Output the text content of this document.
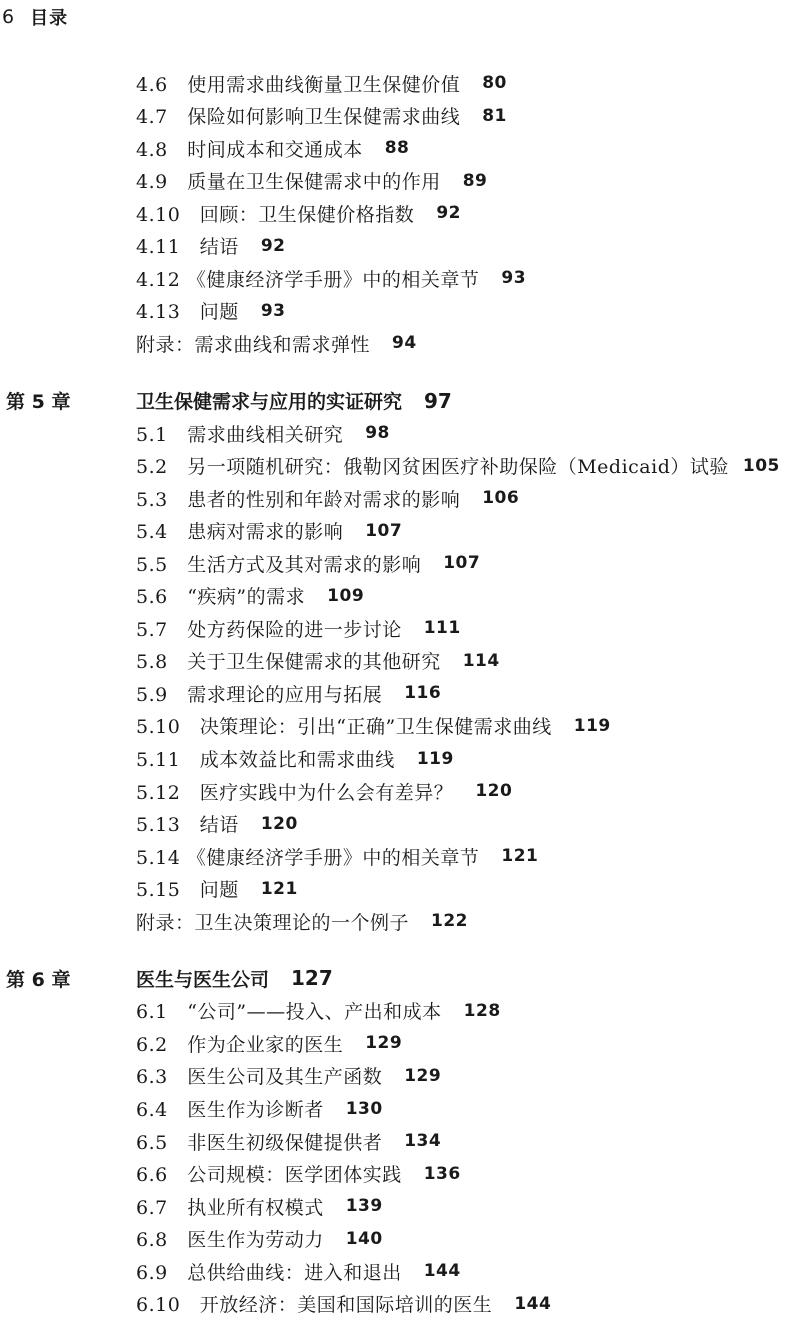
6 目录
4.6　使用需求曲线衡量卫生保健价值 80
4.7　保险如何影响卫生保健需求曲线 81
4.8　时间成本和交通成本 88
4.9　质量在卫生保健需求中的作用 89
4.10　回顾：卫生保健价格指数 92
4.11　结语 92
4.12 《健康经济学手册》中的相关章节 93
4.13　问题 93
附录：需求曲线和需求弹性 94
第 5 章	卫生保健需求与应用的实证研究 97
5.1　需求曲线相关研究 98
5.2　另一项随机研究：俄勒冈贫困医疗补助保险（Medicaid）试验 105
5.3　患者的性别和年龄对需求的影响 106
5.4　患病对需求的影响 107
5.5　生活方式及其对需求的影响 107
5.6　“疾病”的需求 109
5.7　处方药保险的进一步讨论 111
5.8　关于卫生保健需求的其他研究 114
5.9　需求理论的应用与拓展 116
5.10　决策理论：引出“正确”卫生保健需求曲线 119
5.11　成本效益比和需求曲线 119
5.12　医疗实践中为什么会有差异？ 120
5.13　结语 120
5.14 《健康经济学手册》中的相关章节 121
5.15　问题 121
附录：卫生决策理论的一个例子 122
第 6 章	医生与医生公司 127
6.1　“公司”——投入、产出和成本 128
6.2　作为企业家的医生 129
6.3　医生公司及其生产函数 129
6.4　医生作为诊断者 130
6.5　非医生初级保健提供者 134
6.6　公司规模：医学团体实践 136
6.7　执业所有权模式 139
6.8　医生作为劳动力 140
6.9　总供给曲线：进入和退出 144
6.10　开放经济：美国和国际培训的医生 144
